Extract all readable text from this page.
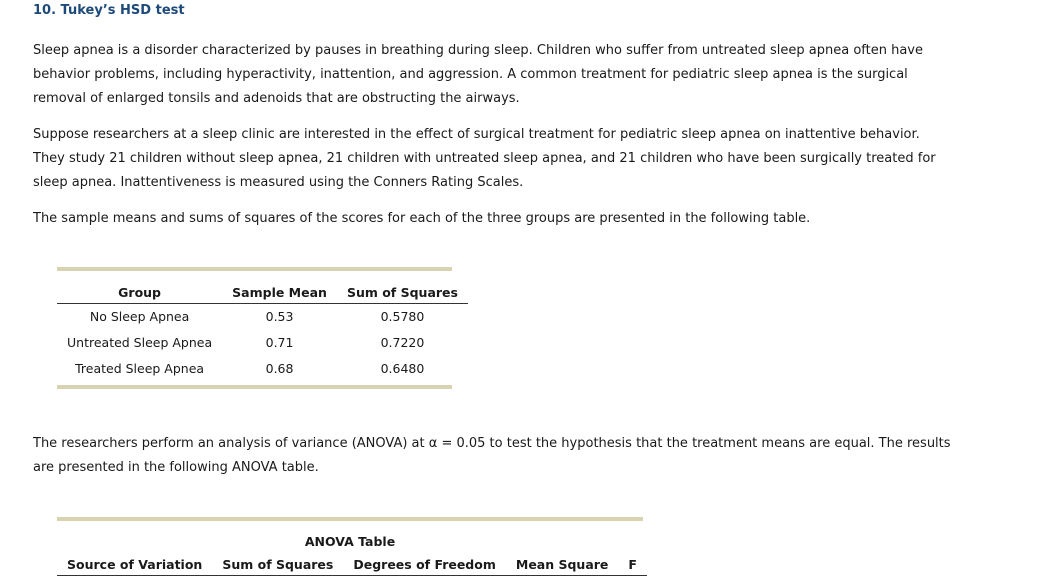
10. Tukey’s HSD test

Sleep apnea is a disorder characterized by pauses in breathing during sleep. Children who suffer from untreated sleep apnea often have behavior problems, including hyperactivity, inattention, and aggression. A common treatment for pediatric sleep apnea is the surgical removal of enlarged tonsils and adenoids that are obstructing the airways.

Suppose researchers at a sleep clinic are interested in the effect of surgical treatment for pediatric sleep apnea on inattentive behavior. They study 21 children without sleep apnea, 21 children with untreated sleep apnea, and 21 children who have been surgically treated for sleep apnea. Inattentiveness is measured using the Conners Rating Scales.

The sample means and sums of squares of the scores for each of the three groups are presented in the following table.

Group	Sample Mean	Sum of Squares
No Sleep Apnea	0.53	0.5780
Untreated Sleep Apnea	0.71	0.7220
Treated Sleep Apnea	0.68	0.6480

The researchers perform an analysis of variance (ANOVA) at α = 0.05 to test the hypothesis that the treatment means are equal. The results are presented in the following ANOVA table.

ANOVA Table
Source of Variation	Sum of Squares	Degrees of Freedom	Mean Square	F
